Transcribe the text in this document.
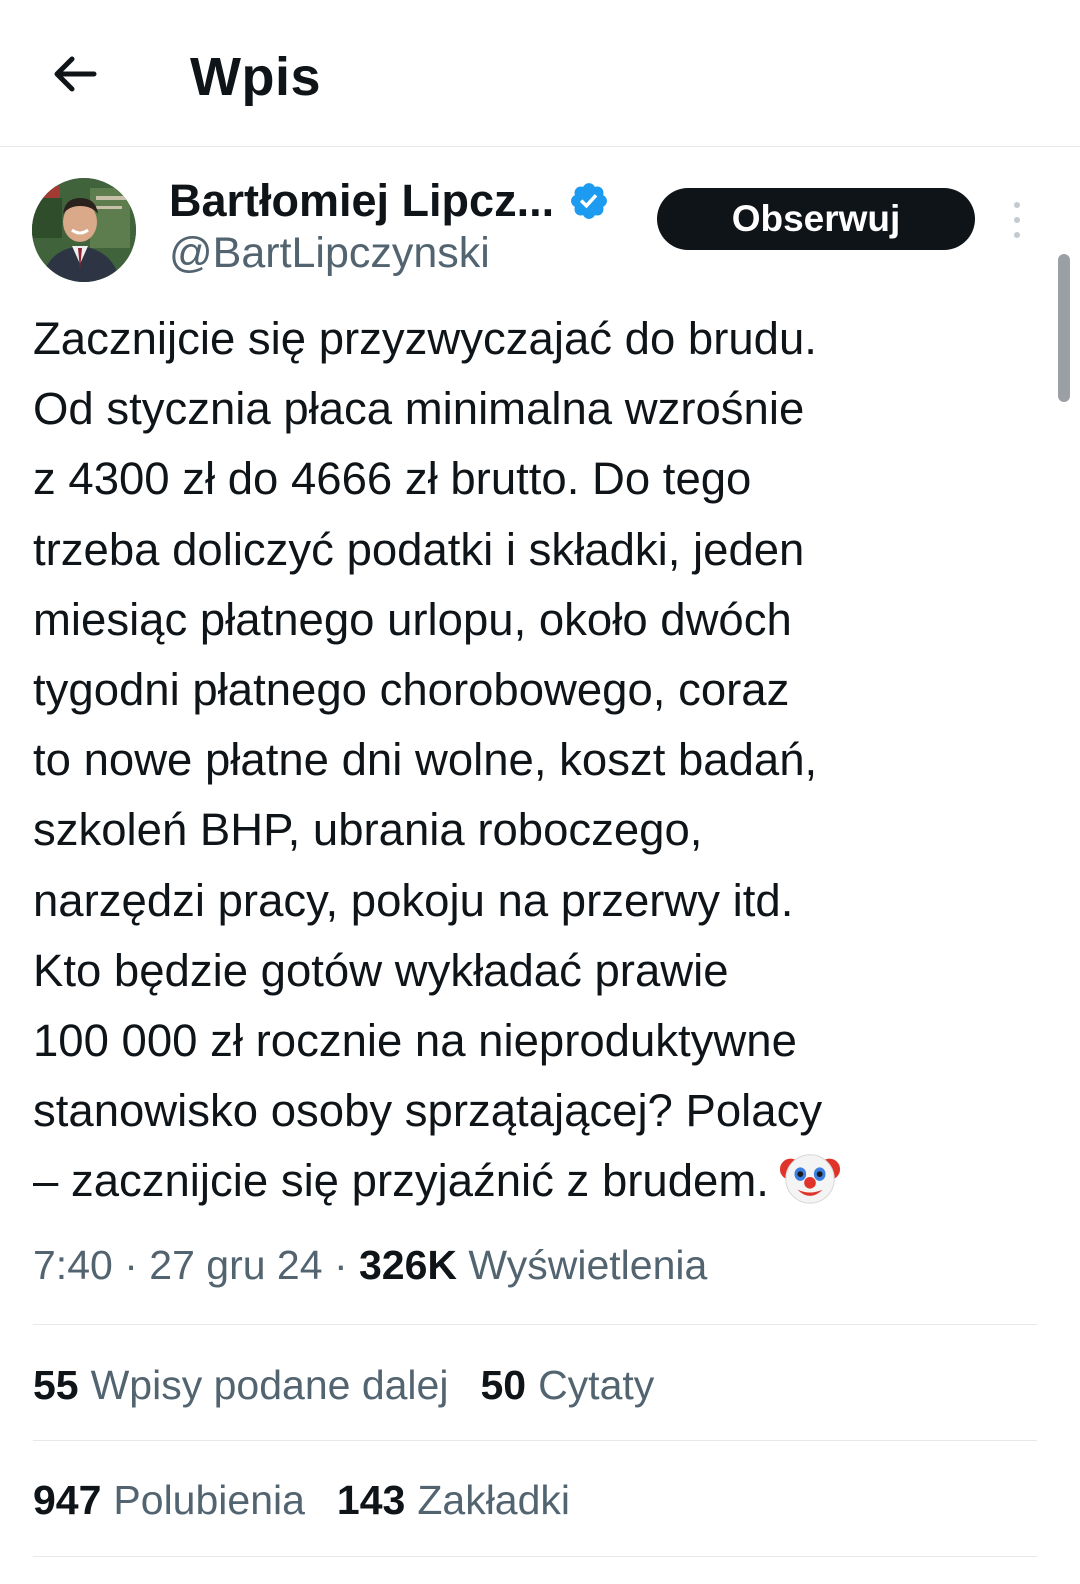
Wpis
Bartłomiej Lipcz...
@BartLipczynski
Obserwuj
Zacznijcie się przyzwyczajać do brudu.
Od stycznia płaca minimalna wzrośnie
z 4300 zł do 4666 zł brutto. Do tego
trzeba doliczyć podatki i składki, jeden
miesiąc płatnego urlopu, około dwóch
tygodni płatnego chorobowego, coraz
to nowe płatne dni wolne, koszt badań,
szkoleń BHP, ubrania roboczego,
narzędzi pracy, pokoju na przerwy itd.
Kto będzie gotów wykładać prawie
100 000 zł rocznie na nieproduktywne
stanowisko osoby sprzątającej? Polacy
– zacznijcie się przyjaźnić z brudem.
7:40 · 27 gru 24 · 326K Wyświetlenia
55 Wpisy podane dalej 50 Cytaty
947 Polubienia 143 Zakładki
